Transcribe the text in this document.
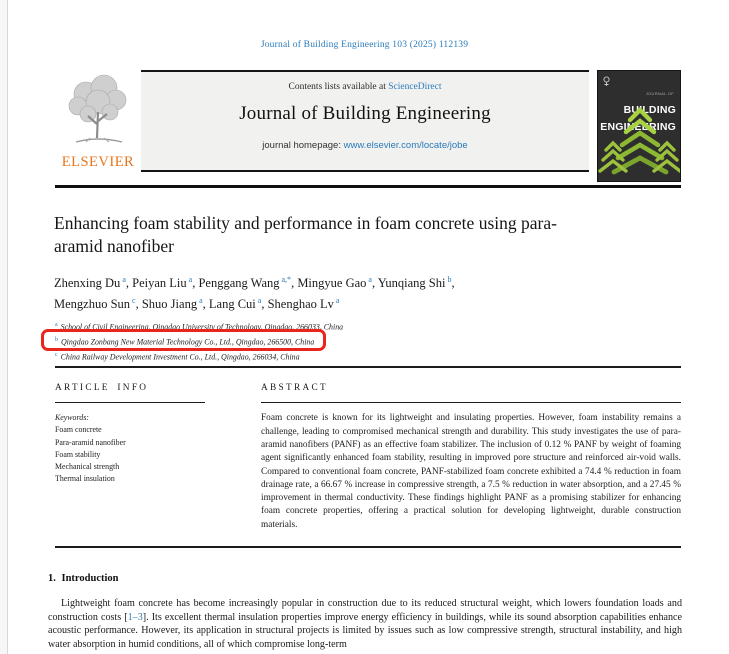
Journal of Building Engineering 103 (2025) 112139
ELSEVIER
Contents lists available at ScienceDirect
Journal of Building Engineering
journal homepage: www.elsevier.com/locate/jobe
JOURNAL OFBUILDING
ENGINEERING
Enhancing foam stability and performance in foam concrete using para-aramid nanofiber
Zhenxing Du $^a$, Peiyan Liu $^a$, Penggang Wang $^{a,*}$, Mingyue Gao $^a$, Yunqiang Shi $^b$,
Mengzhuo Sun $^c$, Shuo Jiang $^a$, Lang Cui $^a$, Shenghao Lv $^a$
$^a$ School of Civil Engineering, Qingdao University of Technology, Qingdao, 266033, China
$^b$ Qingdao Zonbang New Material Technology Co., Ltd., Qingdao, 266500, China
$^c$ China Railway Development Investment Co., Ltd., Qingdao, 266034, China
ARTICLE INFO
Keywords:
Foam concrete
Para-aramid nanofiber
Foam stability
Mechanical strength
Thermal insulation
ABSTRACT

Foam concrete is known for its lightweight and insulating properties. However, foam instability remains a challenge, leading to compromised mechanical strength and durability. This study investigates the use of para-aramid nanofibers (PANF) as an effective foam stabilizer. The inclusion of 0.12 % PANF by weight of foaming agent significantly enhanced foam stability, resulting in improved pore structure and reinforced air-void walls. Compared to conventional foam concrete, PANF-stabilized foam concrete exhibited a 74.4 % reduction in foam drainage rate, a 66.67 % increase in compressive strength, a 7.5 % reduction in water absorption, and a 27.45 % improvement in thermal conductivity. These findings highlight PANF as a promising stabilizer for enhancing foam concrete properties, offering a practical solution for developing lightweight, durable construction materials.

1. Introduction

Lightweight foam concrete has become increasingly popular in construction due to its reduced structural weight, which lowers foundation loads and construction costs [1–3]. Its excellent thermal insulation properties improve energy efficiency in buildings, while its sound absorption capabilities enhance acoustic performance. However, its application in structural projects is limited by issues such as low compressive strength, structural instability, and high water absorption in humid conditions, all of which compromise long-term
